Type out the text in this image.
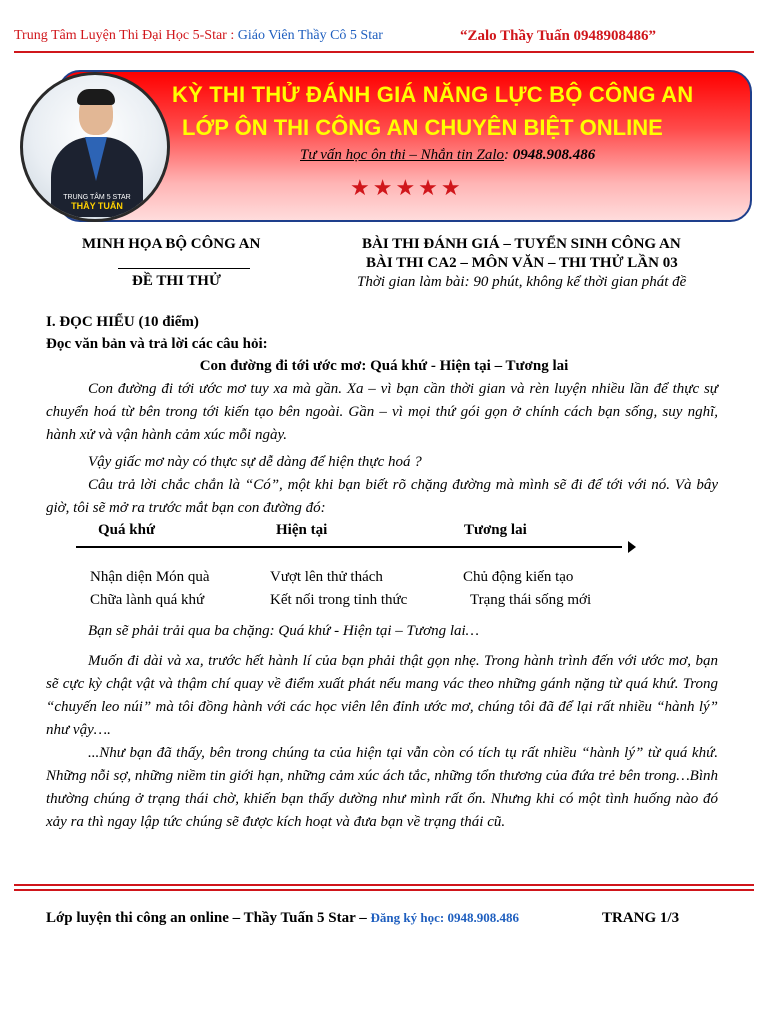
Trung Tâm Luyện Thi Đại Học 5-Star : Giáo Viên Thầy Cô 5 Star	“Zalo Thầy Tuấn 0948908486”
KỲ THI THỬ ĐÁNH GIÁ NĂNG LỰC BỘ CÔNG AN
LỚP ÔN THI CÔNG AN CHUYÊN BIỆT ONLINE
Tư vấn học ôn thi – Nhắn tin Zalo: 0948.908.486
★★★★★
TRUNG TÂM 5 STAR
THẦY TUẤN
MINH HỌA BỘ CÔNG AN
ĐỀ THI THỬ
BÀI THI ĐÁNH GIÁ – TUYỂN SINH CÔNG AN
BÀI THI CA2 – MÔN VĂN – THI THỬ LẦN 03
Thời gian làm bài: 90 phút, không kể thời gian phát đề
I. ĐỌC HIỂU (10 điểm)
Đọc văn bản và trả lời các câu hỏi:
Con đường đi tới ước mơ: Quá khứ - Hiện tại – Tương lai
Con đường đi tới ước mơ tuy xa mà gần. Xa – vì bạn cần thời gian và rèn luyện nhiều lần để thực sự chuyển hoá từ bên trong tới kiến tạo bên ngoài. Gần – vì mọi thứ gói gọn ở chính cách bạn sống, suy nghĩ, hành xử và vận hành cảm xúc mỗi ngày.
Vậy giấc mơ này có thực sự dễ dàng để hiện thực hoá ?
Câu trả lời chắc chắn là “Có”, một khi bạn biết rõ chặng đường mà mình sẽ đi để tới với nó. Và bây giờ, tôi sẽ mở ra trước mắt bạn con đường đó:
Quá khứ	Hiện tại	Tương lai
Nhận diện Món quà	Vượt lên thử thách	Chủ động kiến tạo
Chữa lành quá khứ	Kết nối trong tỉnh thức	Trạng thái sống mới
Bạn sẽ phải trải qua ba chặng: Quá khứ - Hiện tại – Tương lai…
Muốn đi dài và xa, trước hết hành lí của bạn phải thật gọn nhẹ. Trong hành trình đến với ước mơ, bạn sẽ cực kỳ chật vật và thậm chí quay về điểm xuất phát nếu mang vác theo những gánh nặng từ quá khứ. Trong “chuyến leo núi” mà tôi đồng hành với các học viên lên đỉnh ước mơ, chúng tôi đã để lại rất nhiều “hành lý” như vậy….
...Như bạn đã thấy, bên trong chúng ta của hiện tại vẫn còn có tích tụ rất nhiều “hành lý” từ quá khứ. Những nỗi sợ, những niềm tin giới hạn, những cảm xúc ách tắc, những tổn thương của đứa trẻ bên trong…Bình thường chúng ở trạng thái chờ, khiến bạn thấy dường như mình rất ổn. Nhưng khi có một tình huống nào đó xảy ra thì ngay lập tức chúng sẽ được kích hoạt và đưa bạn về trạng thái cũ.
Lớp luyện thi công an online – Thầy Tuấn 5 Star – Đăng ký học: 0948.908.486	TRANG 1/3
